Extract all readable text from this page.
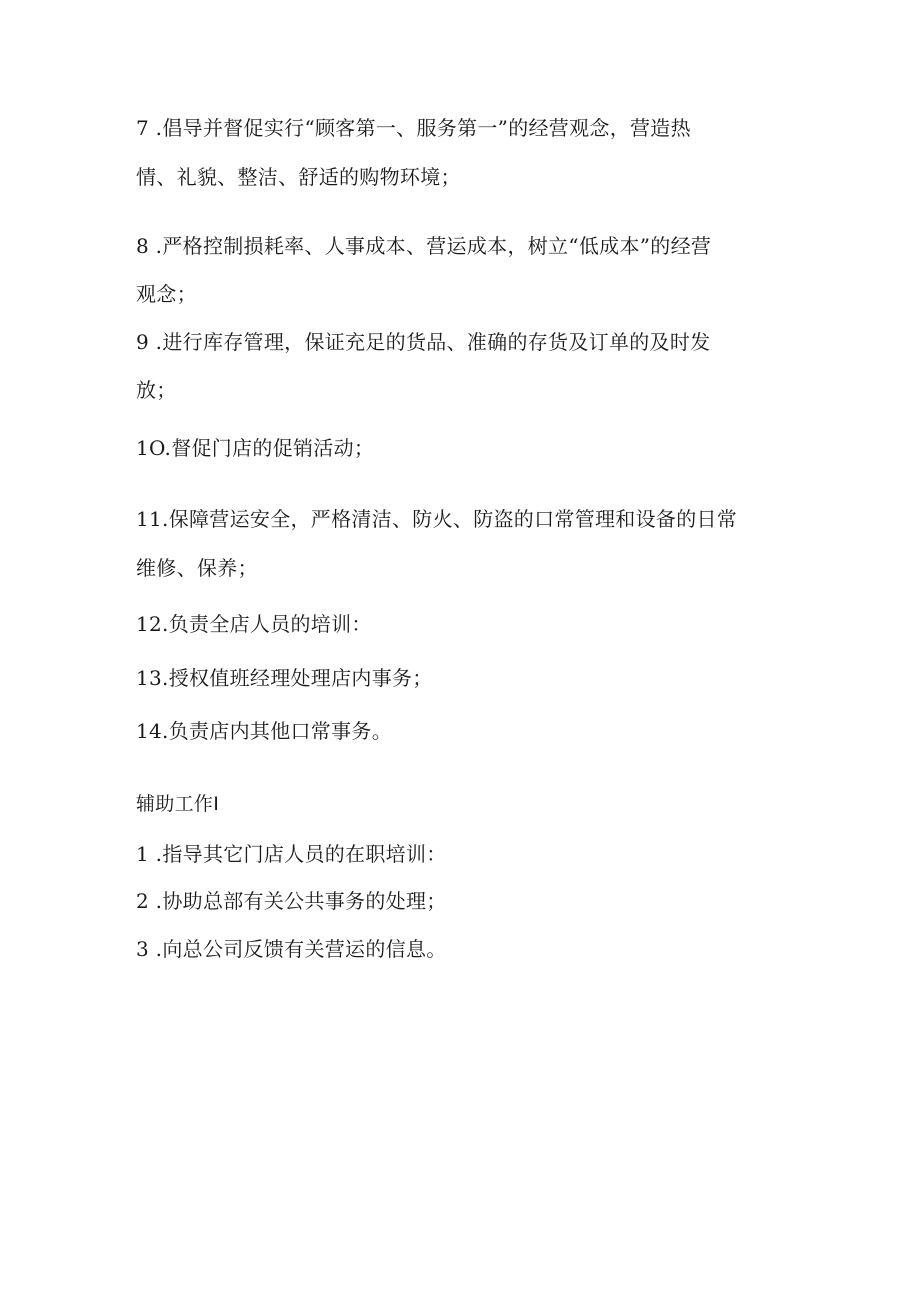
7 .倡导并督促实行“顾客第一、服务第一”的经营观念，营造热
情、礼貌、整洁、舒适的购物环境；
8 .严格控制损耗率、人事成本、营运成本，树立“低成本”的经营
观念；
9 .进行库存管理，保证充足的货品、准确的存货及订单的及时发
放；
1O.督促门店的促销活动；
11.保障营运安全，严格清洁、防火、防盗的口常管理和设备的日常
维修、保养；
12.负责全店人员的培训：
13.授权值班经理处理店内事务；
14.负责店内其他口常事务。
辅助工作I
1 .指导其它门店人员的在职培训：
2 .协助总部有关公共事务的处理；
3 .向总公司反馈有关营运的信息。
